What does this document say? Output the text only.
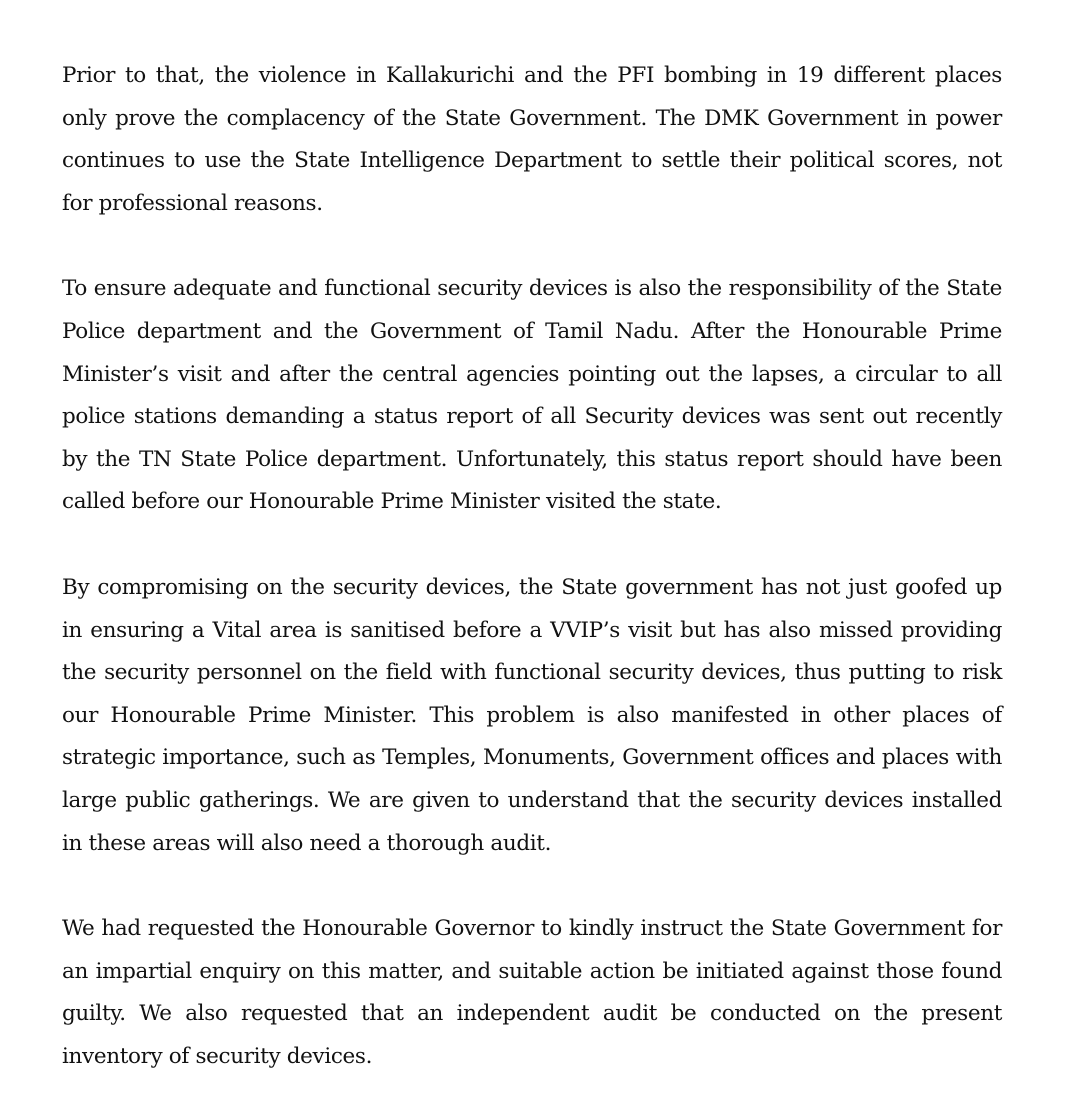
Prior to that, the violence in Kallakurichi and the PFI bombing in 19 different places only prove the complacency of the State Government. The DMK Government in power continues to use the State Intelligence Department to settle their political scores, not for professional reasons.

To ensure adequate and functional security devices is also the responsibility of the State Police department and the Government of Tamil Nadu. After the Honourable Prime Minister’s visit and after the central agencies pointing out the lapses, a circular to all police stations demanding a status report of all Security devices was sent out recently by the TN State Police department. Unfortunately, this status report should have been called before our Honourable Prime Minister visited the state.

By compromising on the security devices, the State government has not just goofed up in ensuring a Vital area is sanitised before a VVIP’s visit but has also missed providing the security personnel on the field with functional security devices, thus putting to risk our Honourable Prime Minister. This problem is also manifested in other places of strategic importance, such as Temples, Monuments, Government offices and places with large public gatherings. We are given to understand that the security devices installed in these areas will also need a thorough audit.

We had requested the Honourable Governor to kindly instruct the State Government for an impartial enquiry on this matter, and suitable action be initiated against those found guilty. We also requested that an independent audit be conducted on the present inventory of security devices.
